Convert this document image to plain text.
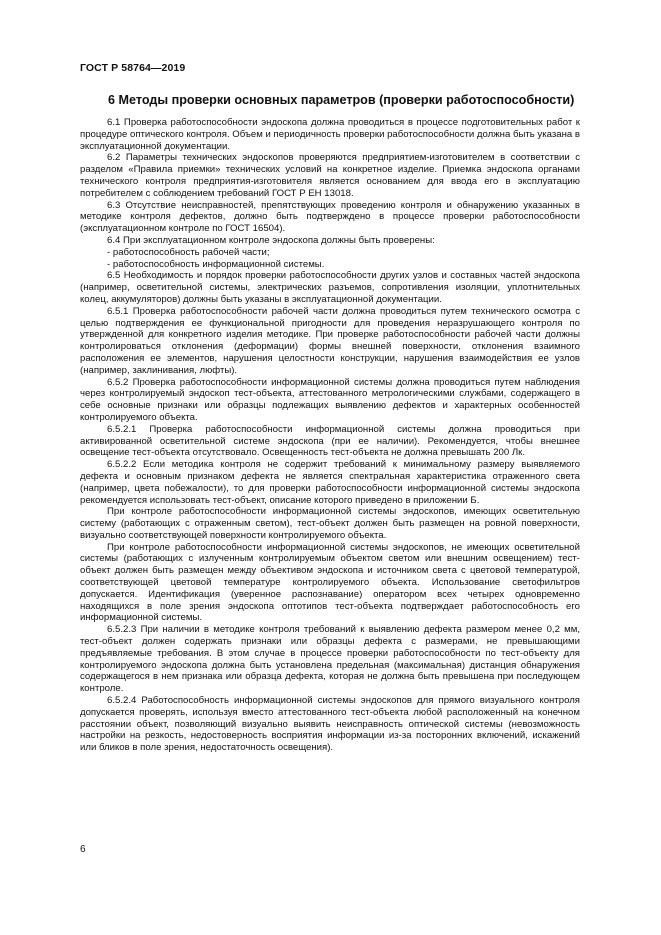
ГОСТ Р 58764—2019
6 Методы проверки основных параметров (проверки работоспособности)

6.1 Проверка работоспособности эндоскопа должна проводиться в процессе подготовительных работ к процедуре оптического контроля. Объем и периодичность проверки работоспособности должна быть указана в эксплуатационной документации.

6.2 Параметры технических эндоскопов проверяются предприятием-изготовителем в соответствии с разделом «Правила приемки» технических условий на конкретное изделие. Приемка эндоскопа органами технического контроля предприятия-изготовителя является основанием для ввода его в эксплуатацию потребителем с соблюдением требований ГОСТ Р ЕН 13018.

6.3 Отсутствие неисправностей, препятствующих проведению контроля и обнаружению указанных в методике контроля дефектов, должно быть подтверждено в процессе проверки работоспособности (эксплуатационном контроле по ГОСТ 16504).

6.4 При эксплуатационном контроле эндоскопа должны быть проверены:

- работоспособность рабочей части;

- работоспособность информационной системы.

6.5 Необходимость и порядок проверки работоспособности других узлов и составных частей эндоскопа (например, осветительной системы, электрических разъемов, сопротивления изоляции, уплотнительных колец, аккумуляторов) должны быть указаны в эксплуатационной документации.

6.5.1 Проверка работоспособности рабочей части должна проводиться путем технического осмотра с целью подтверждения ее функциональной пригодности для проведения неразрушающего контроля по утвержденной для конкретного изделия методике. При проверке работоспособности рабочей части должны контролироваться отклонения (деформации) формы внешней поверхности, отклонения взаимного расположения ее элементов, нарушения целостности конструкции, нарушения взаимодействия ее узлов (например, заклинивания, люфты).

6.5.2 Проверка работоспособности информационной системы должна проводиться путем наблюдения через контролируемый эндоскоп тест-объекта, аттестованного метрологическими службами, содержащего в себе основные признаки или образцы подлежащих выявлению дефектов и характерных особенностей контролируемого объекта.

6.5.2.1 Проверка работоспособности информационной системы должна проводиться при активированной осветительной системе эндоскопа (при ее наличии). Рекомендуется, чтобы внешнее освещение тест-объекта отсутствовало. Освещенность тест-объекта не должна превышать 200 Лк.

6.5.2.2 Если методика контроля не содержит требований к минимальному размеру выявляемого дефекта и основным признаком дефекта не является спектральная характеристика отраженного света (например, цвета побежалости), то для проверки работоспособности информационной системы эндоскопа рекомендуется использовать тест-объект, описание которого приведено в приложении Б.

При контроле работоспособности информационной системы эндоскопов, имеющих осветительную систему (работающих с отраженным светом), тест-объект должен быть размещен на ровной поверхности, визуально соответствующей поверхности контролируемого объекта.

При контроле работоспособности информационной системы эндоскопов, не имеющих осветительной системы (работающих с излученным контролируемым объектом светом или внешним освещением) тест-объект должен быть размещен между объективом эндоскопа и источником света с цветовой температурой, соответствующей цветовой температуре контролируемого объекта. Использование светофильтров допускается. Идентификация (уверенное распознавание) оператором всех четырех одновременно находящихся в поле зрения эндоскопа оптотипов тест-объекта подтверждает работоспособность его информационной системы.

6.5.2.3 При наличии в методике контроля требований к выявлению дефекта размером менее 0,2 мм, тест-объект должен содержать признаки или образцы дефекта с размерами, не превышающими предъявляемые требования. В этом случае в процессе проверки работоспособности по тест-объекту для контролируемого эндоскопа должна быть установлена предельная (максимальная) дистанция обнаружения содержащегося в нем признака или образца дефекта, которая не должна быть превышена при последующем контроле.

6.5.2.4 Работоспособность информационной системы эндоскопов для прямого визуального контроля допускается проверять, используя вместо аттестованного тест-объекта любой расположенный на конечном расстоянии объект, позволяющий визуально выявить неисправность оптической системы (невозможность настройки на резкость, недостоверность восприятия информации из-за посторонних включений, искажений или бликов в поле зрения, недостаточность освещения).

6
